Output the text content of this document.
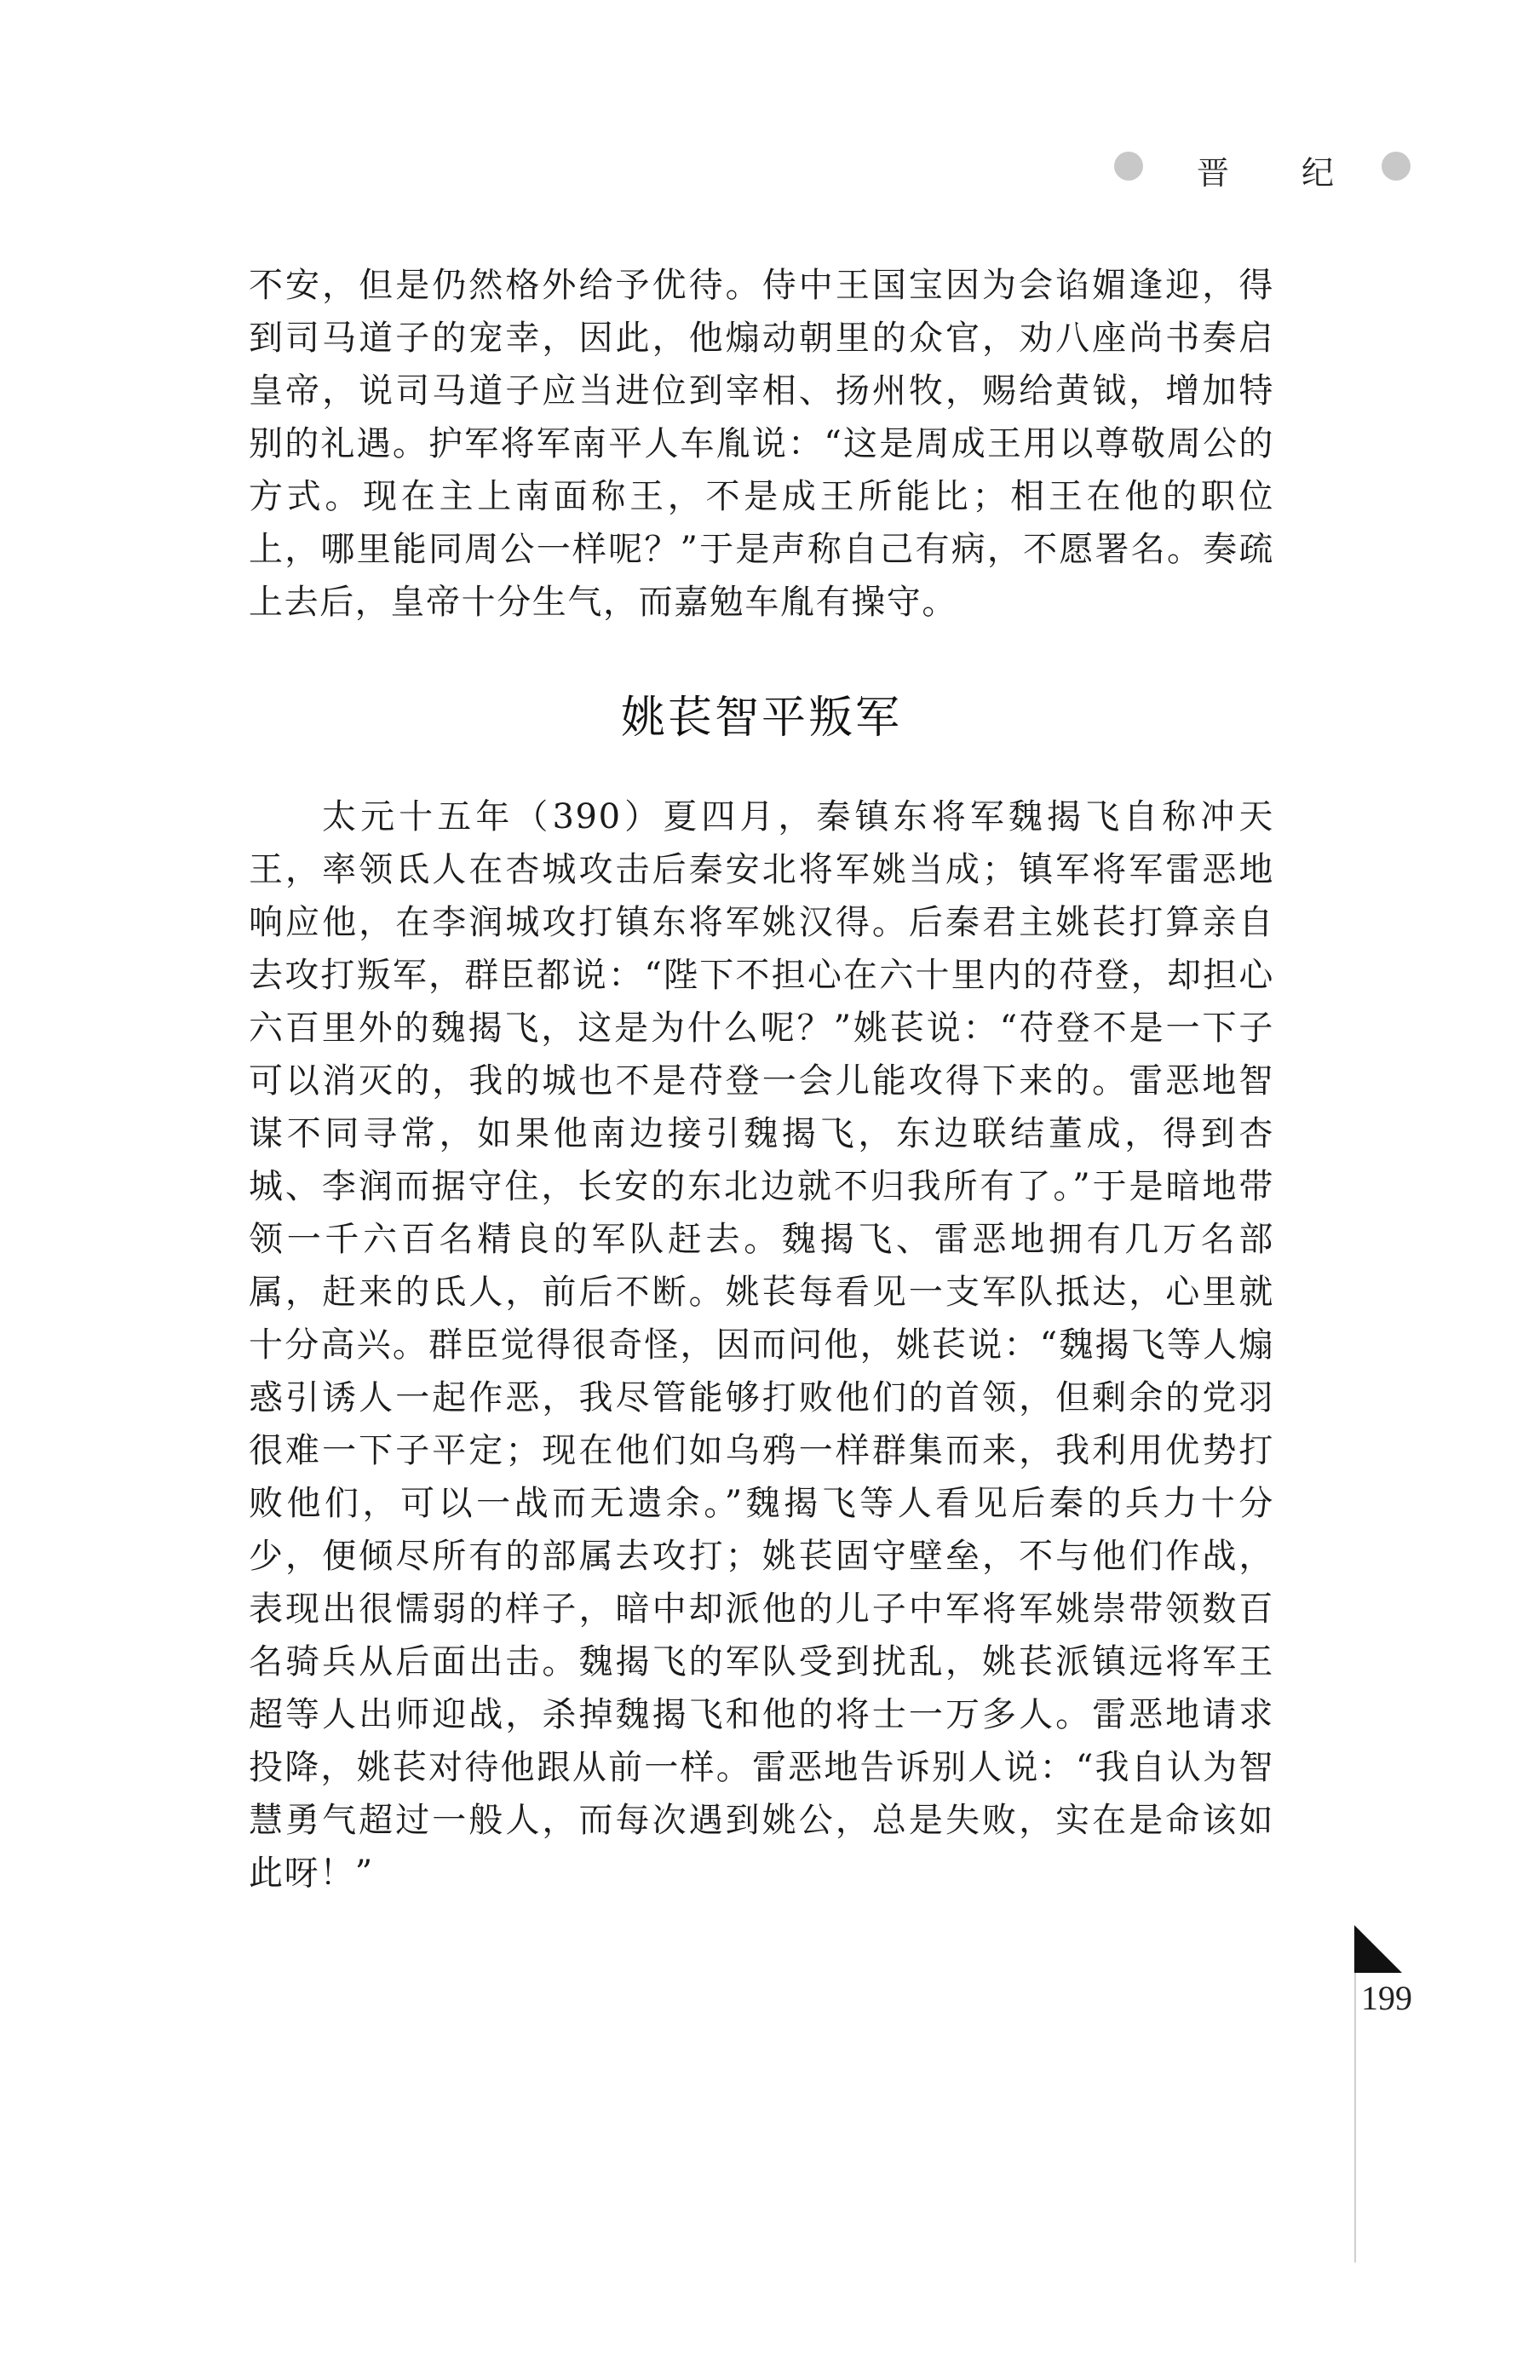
晋 纪

不安，但是仍然格外给予优待。侍中王国宝因为会谄媚逢迎，得到司马道子的宠幸，因此，他煽动朝里的众官，劝八座尚书奏启皇帝，说司马道子应当进位到宰相、扬州牧，赐给黄钺，增加特别的礼遇。护军将军南平人车胤说：“这是周成王用以尊敬周公的方式。现在主上南面称王，不是成王所能比；相王在他的职位上，哪里能同周公一样呢？”于是声称自己有病，不愿署名。奏疏上去后，皇帝十分生气，而嘉勉车胤有操守。

姚苌智平叛军

太元十五年（390）夏四月，秦镇东将军魏揭飞自称冲天王，率领氐人在杏城攻击后秦安北将军姚当成；镇军将军雷恶地响应他，在李润城攻打镇东将军姚汉得。后秦君主姚苌打算亲自去攻打叛军，群臣都说：“陛下不担心在六十里内的苻登，却担心六百里外的魏揭飞，这是为什么呢？”姚苌说：“苻登不是一下子可以消灭的，我的城也不是苻登一会儿能攻得下来的。雷恶地智谋不同寻常，如果他南边接引魏揭飞，东边联结董成，得到杏城、李润而据守住，长安的东北边就不归我所有了。”于是暗地带领一千六百名精良的军队赶去。魏揭飞、雷恶地拥有几万名部属，赶来的氐人，前后不断。姚苌每看见一支军队抵达，心里就十分高兴。群臣觉得很奇怪，因而问他，姚苌说：“魏揭飞等人煽惑引诱人一起作恶，我尽管能够打败他们的首领，但剩余的党羽很难一下子平定；现在他们如乌鸦一样群集而来，我利用优势打败他们，可以一战而无遗余。”魏揭飞等人看见后秦的兵力十分少，便倾尽所有的部属去攻打；姚苌固守壁垒，不与他们作战，表现出很懦弱的样子，暗中却派他的儿子中军将军姚崇带领数百名骑兵从后面出击。魏揭飞的军队受到扰乱，姚苌派镇远将军王超等人出师迎战，杀掉魏揭飞和他的将士一万多人。雷恶地请求投降，姚苌对待他跟从前一样。雷恶地告诉别人说：“我自认为智慧勇气超过一般人，而每次遇到姚公，总是失败，实在是命该如此呀！”

199
